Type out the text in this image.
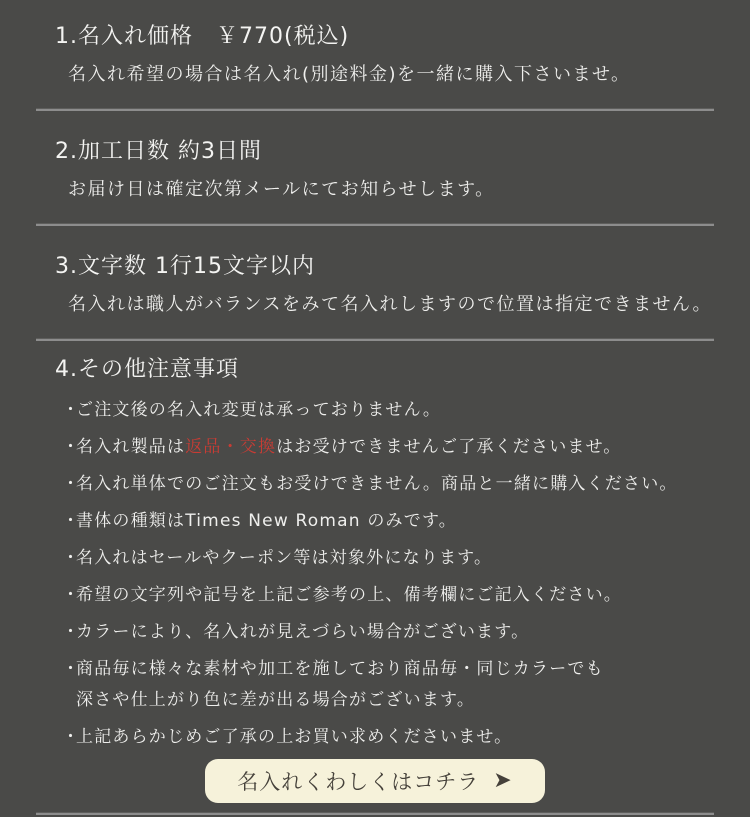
1.名入れ価格　￥770(税込)

名入れ希望の場合は名入れ(別途料金)を一緒に購入下さいませ。

2.加工日数 約3日間

お届け日は確定次第メールにてお知らせします。

3.文字数 1行15文字以内

名入れは職人がバランスをみて名入れしますので位置は指定できません。

4.その他注意事項
・
ご注文後の名入れ変更は承っておりません。
・
名入れ製品は返品・交換はお受けできませんご了承くださいませ。
・
名入れ単体でのご注文もお受けできません。商品と一緒に購入ください。
・
書体の種類はTimes New Roman のみです。
・
名入れはセールやクーポン等は対象外になります。
・
希望の文字列や記号を上記ご参考の上、備考欄にご記入ください。
・
カラーにより、名入れが見えづらい場合がございます。
・
商品毎に様々な素材や加工を施しており商品毎・同じカラーでも
深さや仕上がり色に差が出る場合がございます。
・
上記あらかじめご了承の上お買い求めくださいませ。
名入れくわしくはコチラ ➤
